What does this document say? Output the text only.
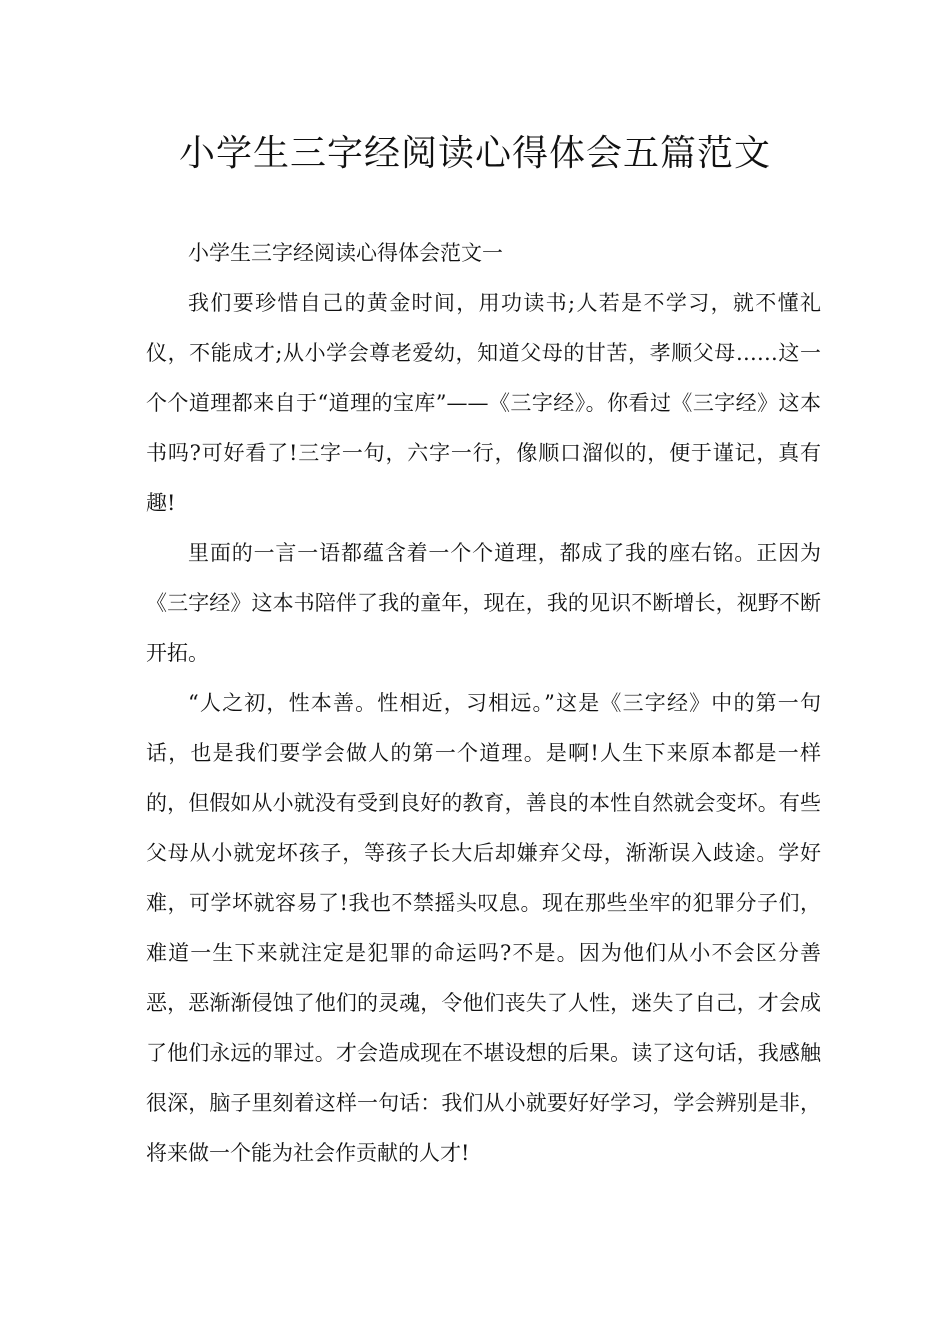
小学生三字经阅读心得体会五篇范文

小学生三字经阅读心得体会范文一

我们要珍惜自己的黄金时间，用功读书;人若是不学习，就不懂礼仪，不能成才;从小学会尊老爱幼，知道父母的甘苦，孝顺父母……这一个个道理都来自于“道理的宝库”——《三字经》。你看过《三字经》这本书吗?可好看了!三字一句，六字一行，像顺口溜似的，便于谨记，真有趣!

里面的一言一语都蕴含着一个个道理，都成了我的座右铭。正因为《三字经》这本书陪伴了我的童年，现在，我的见识不断增长，视野不断开拓。

“人之初，性本善。性相近，习相远。”这是《三字经》中的第一句话，也是我们要学会做人的第一个道理。是啊!人生下来原本都是一样的，但假如从小就没有受到良好的教育，善良的本性自然就会变坏。有些父母从小就宠坏孩子，等孩子长大后却嫌弃父母，渐渐误入歧途。学好难，可学坏就容易了!我也不禁摇头叹息。现在那些坐牢的犯罪分子们，难道一生下来就注定是犯罪的命运吗?不是。因为他们从小不会区分善恶，恶渐渐侵蚀了他们的灵魂，令他们丧失了人性，迷失了自己，才会成了他们永远的罪过。才会造成现在不堪设想的后果。读了这句话，我感触很深，脑子里刻着这样一句话：我们从小就要好好学习，学会辨别是非，将来做一个能为社会作贡献的人才!
